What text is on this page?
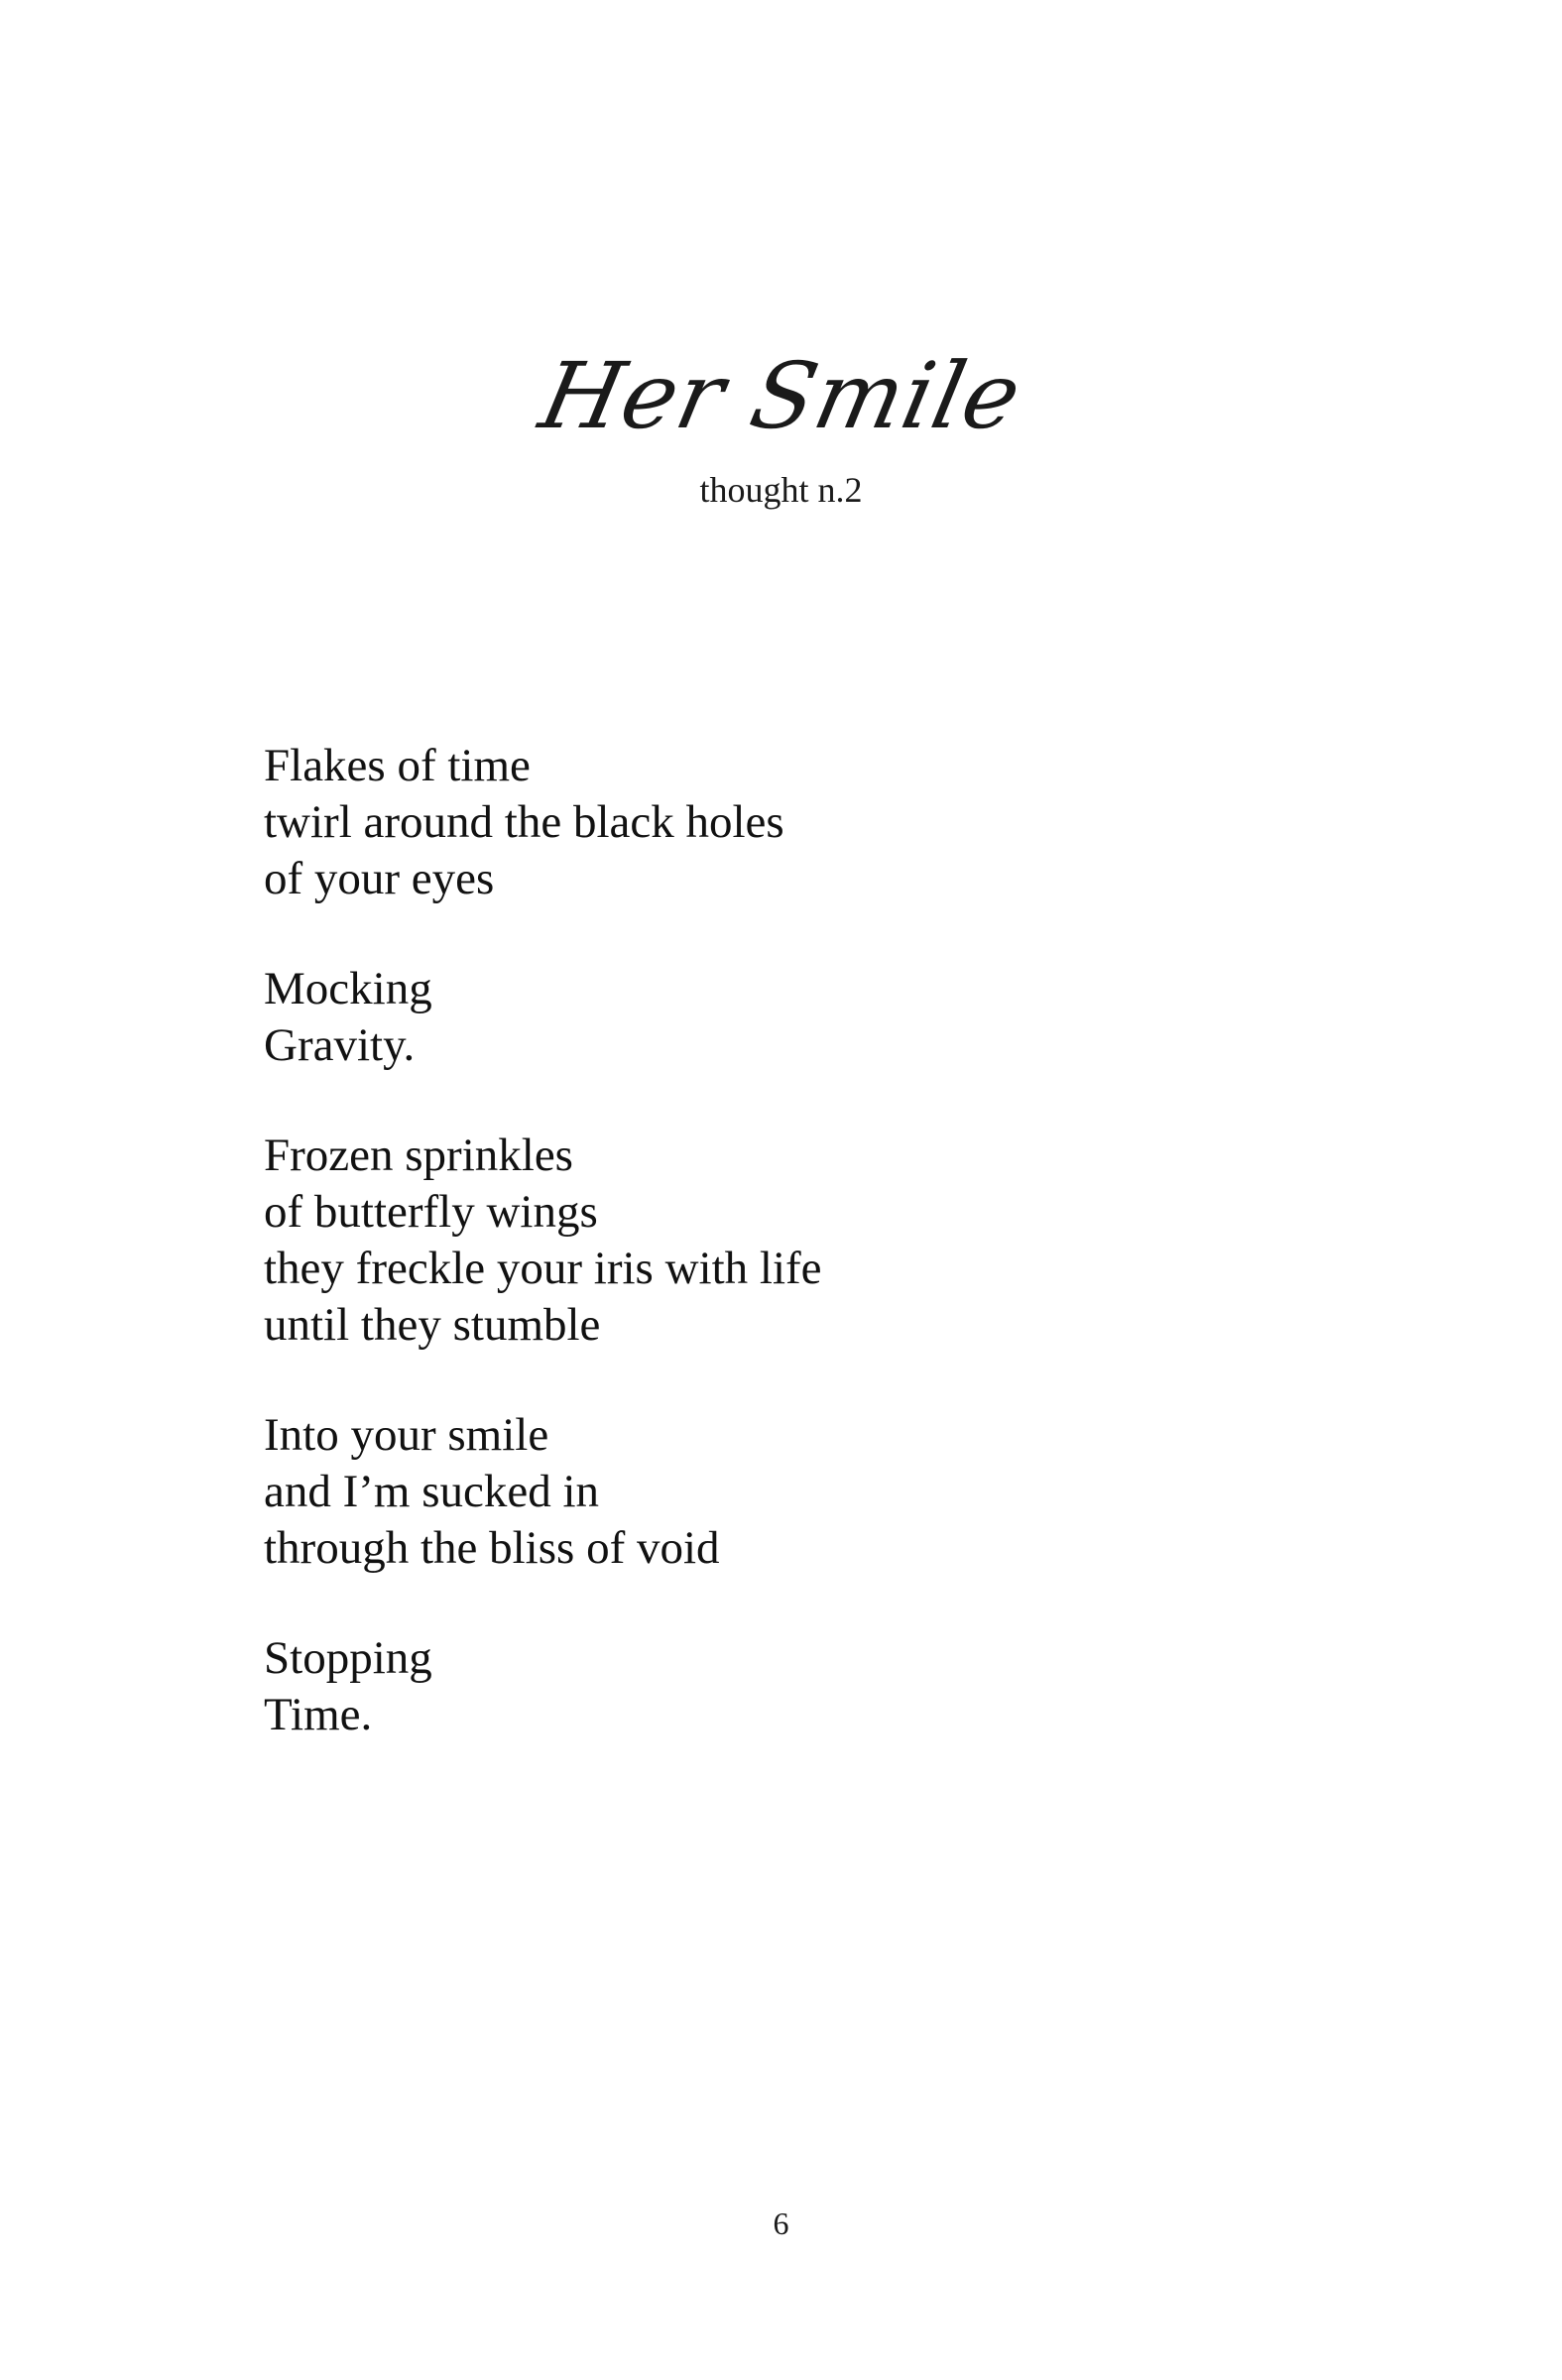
Her Smile
thought n.2
Flakes of time
twirl around the black holes
of your eyes
Mocking
Gravity.
Frozen sprinkles
of butterfly wings
they freckle your iris with life
until they stumble
Into your smile
and I’m sucked in
through the bliss of void
Stopping
Time.
6
